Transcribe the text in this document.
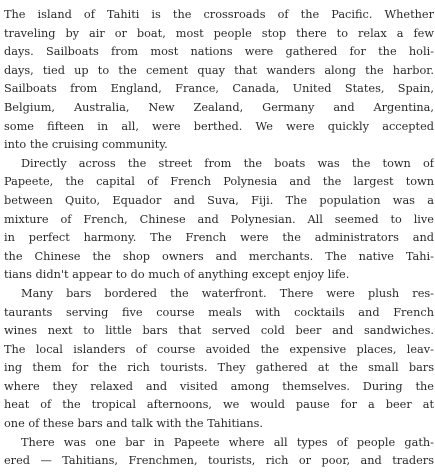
The island of Tahiti is the crossroads of the Pacific. Whether
traveling by air or boat, most people stop there to relax a few
days. Sailboats from most nations were gathered for the holi-
days, tied up to the cement quay that wanders along the harbor.
Sailboats from England, France, Canada, United States, Spain,
Belgium, Australia, New Zealand, Germany and Argentina,
some fifteen in all, were berthed. We were quickly accepted
into the cruising community.

Directly across the street from the boats was the town of
Papeete, the capital of French Polynesia and the largest town
between Quito, Equador and Suva, Fiji. The population was a
mixture of French, Chinese and Polynesian. All seemed to live
in perfect harmony. The French were the administrators and
the Chinese the shop owners and merchants. The native Tahi-
tians didn't appear to do much of anything except enjoy life.

Many bars bordered the waterfront. There were plush res-
taurants serving five course meals with cocktails and French
wines next to little bars that served cold beer and sandwiches.
The local islanders of course avoided the expensive places, leav-
ing them for the rich tourists. They gathered at the small bars
where they relaxed and visited among themselves. During the
heat of the tropical afternoons, we would pause for a beer at
one of these bars and talk with the Tahitians.

There was one bar in Papeete where all types of people gath-
ered — Tahitians, Frenchmen, tourists, rich or poor, and traders
